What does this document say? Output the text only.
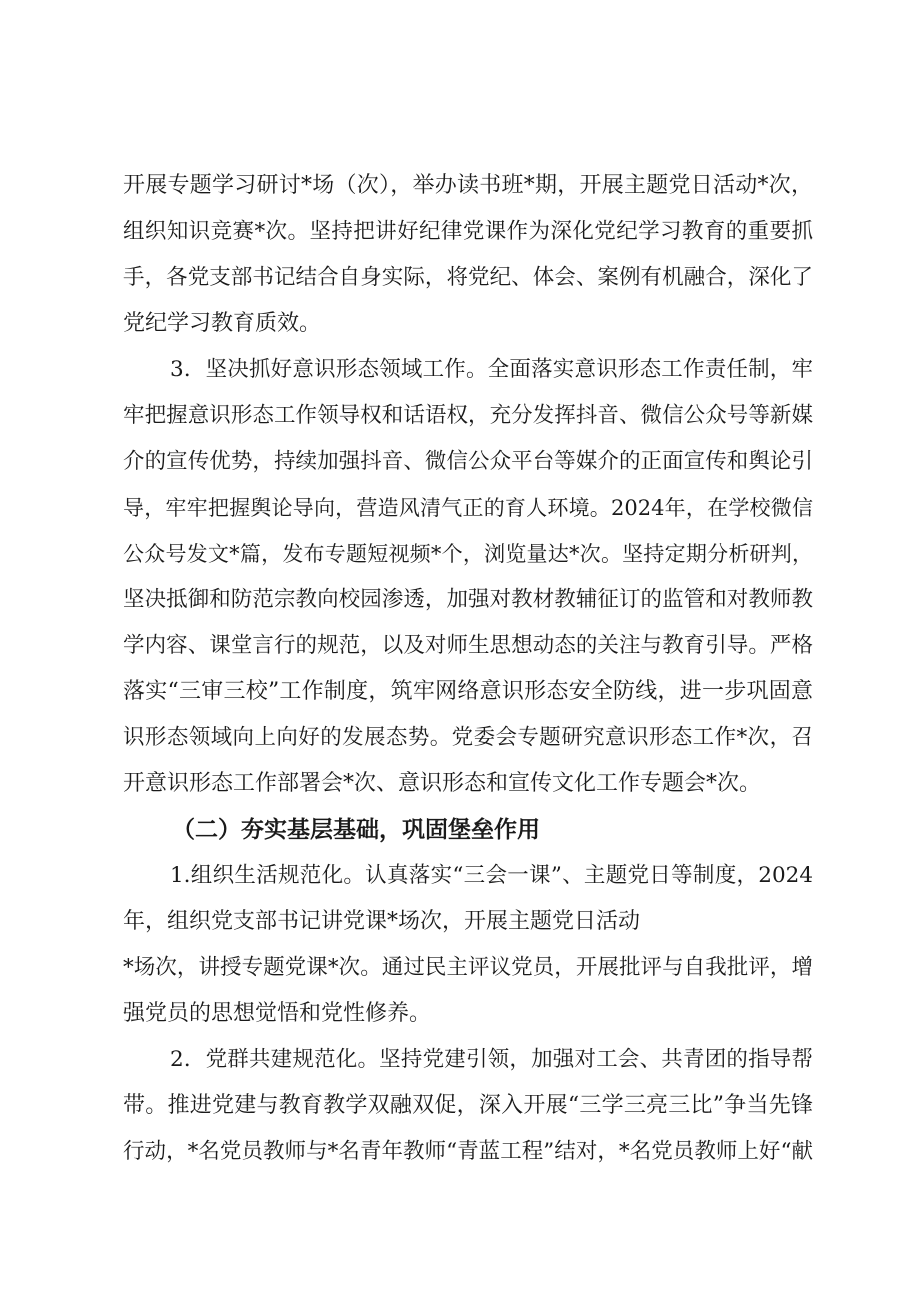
开展专题学习研讨*场（次），举办读书班*期，开展主题党日活动*次，
组织知识竞赛*次。坚持把讲好纪律党课作为深化党纪学习教育的重要抓
手，各党支部书记结合自身实际，将党纪、体会、案例有机融合，深化了
党纪学习教育质效。
3．坚决抓好意识形态领域工作。全面落实意识形态工作责任制，牢
牢把握意识形态工作领导权和话语权，充分发挥抖音、微信公众号等新媒
介的宣传优势，持续加强抖音、微信公众平台等媒介的正面宣传和舆论引
导，牢牢把握舆论导向，营造风清气正的育人环境。2024年，在学校微信
公众号发文*篇，发布专题短视频*个，浏览量达*次。坚持定期分析研判，
坚决抵御和防范宗教向校园渗透，加强对教材教辅征订的监管和对教师教
学内容、课堂言行的规范，以及对师生思想动态的关注与教育引导。严格
落实“三审三校”工作制度，筑牢网络意识形态安全防线，进一步巩固意
识形态领域向上向好的发展态势。党委会专题研究意识形态工作*次，召
开意识形态工作部署会*次、意识形态和宣传文化工作专题会*次。
（二）夯实基层基础，巩固堡垒作用
1.组织生活规范化。认真落实“三会一课”、主题党日等制度，2024
年，组织党支部书记讲党课*场次，开展主题党日活动
*场次，讲授专题党课*次。通过民主评议党员，开展批评与自我批评，增
强党员的思想觉悟和党性修养。
2．党群共建规范化。坚持党建引领，加强对工会、共青团的指导帮
带。推进党建与教育教学双融双促，深入开展“三学三亮三比”争当先锋
行动，*名党员教师与*名青年教师“青蓝工程”结对，*名党员教师上好“献
